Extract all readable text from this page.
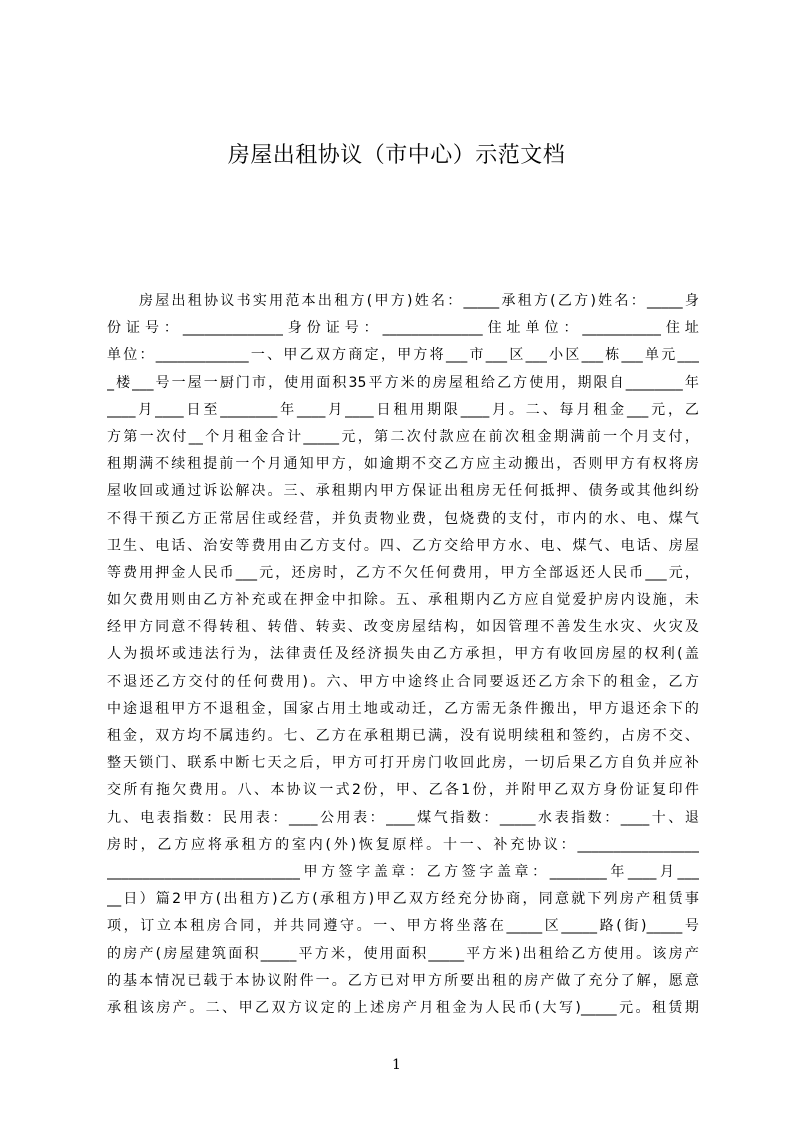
房屋出租协议（市中心）示范文档
房屋出租协议书实用范本出租方(甲方)姓名：_____承租方(乙方)姓名：_____身
份证号：______________身份证号：______________住址单位：___________住址
单位：_____________一、甲乙双方商定，甲方将___市___区___小区___栋___单元___
_楼___号一屋一厨门市，使用面积35平方米的房屋租给乙方使用，期限自________年
____月____日至________年____月____日租用期限____月。二、每月租金___元，乙
方第一次付__个月租金合计_____元，第二次付款应在前次租金期满前一个月支付，
租期满不续租提前一个月通知甲方，如逾期不交乙方应主动搬出，否则甲方有权将房
屋收回或通过诉讼解决。三、承租期内甲方保证出租房无任何抵押、债务或其他纠纷
不得干预乙方正常居住或经营，并负责物业费，包烧费的支付，市内的水、电、煤气
卫生、电话、治安等费用由乙方支付。四、乙方交给甲方水、电、煤气、电话、房屋
等费用押金人民币___元，还房时，乙方不欠任何费用，甲方全部返还人民币___元，
如欠费用则由乙方补充或在押金中扣除。五、承租期内乙方应自觉爱护房内设施，未
经甲方同意不得转租、转借、转卖、改变房屋结构，如因管理不善发生水灾、火灾及
人为损坏或违法行为，法律责任及经济损失由乙方承担，甲方有收回房屋的权利(盖
不退还乙方交付的任何费用)。六、甲方中途终止合同要返还乙方余下的租金，乙方
中途退租甲方不退租金，国家占用土地或动迁，乙方需无条件搬出，甲方退还余下的
租金，双方均不属违约。七、乙方在承租期已满，没有说明续租和签约，占房不交、
整天锁门、联系中断七天之后，甲方可打开房门收回此房，一切后果乙方自负并应补
交所有拖欠费用。八、本协议一式2份，甲、乙各1份，并附甲乙双方身份证复印件
九、电表指数：民用表：____公用表：____煤气指数：_____水表指数：____十、退
房时，乙方应将承租方的室内(外)恢复原样。十一、补充协议：_________________
___________________________甲方签字盖章：乙方签字盖章：________年____月___
__日）篇2甲方(出租方)乙方(承租方)甲乙双方经充分协商，同意就下列房产租赁事
项，订立本租房合同，并共同遵守。一、甲方将坐落在_____区_____路(街)_____号
的房产(房屋建筑面积_____平方米，使用面积_____平方米)出租给乙方使用。该房产
的基本情况已载于本协议附件一。乙方已对甲方所要出租的房产做了充分了解，愿意
承租该房产。二、甲乙双方议定的上述房产月租金为人民币(大写)_____元。租赁期
1
